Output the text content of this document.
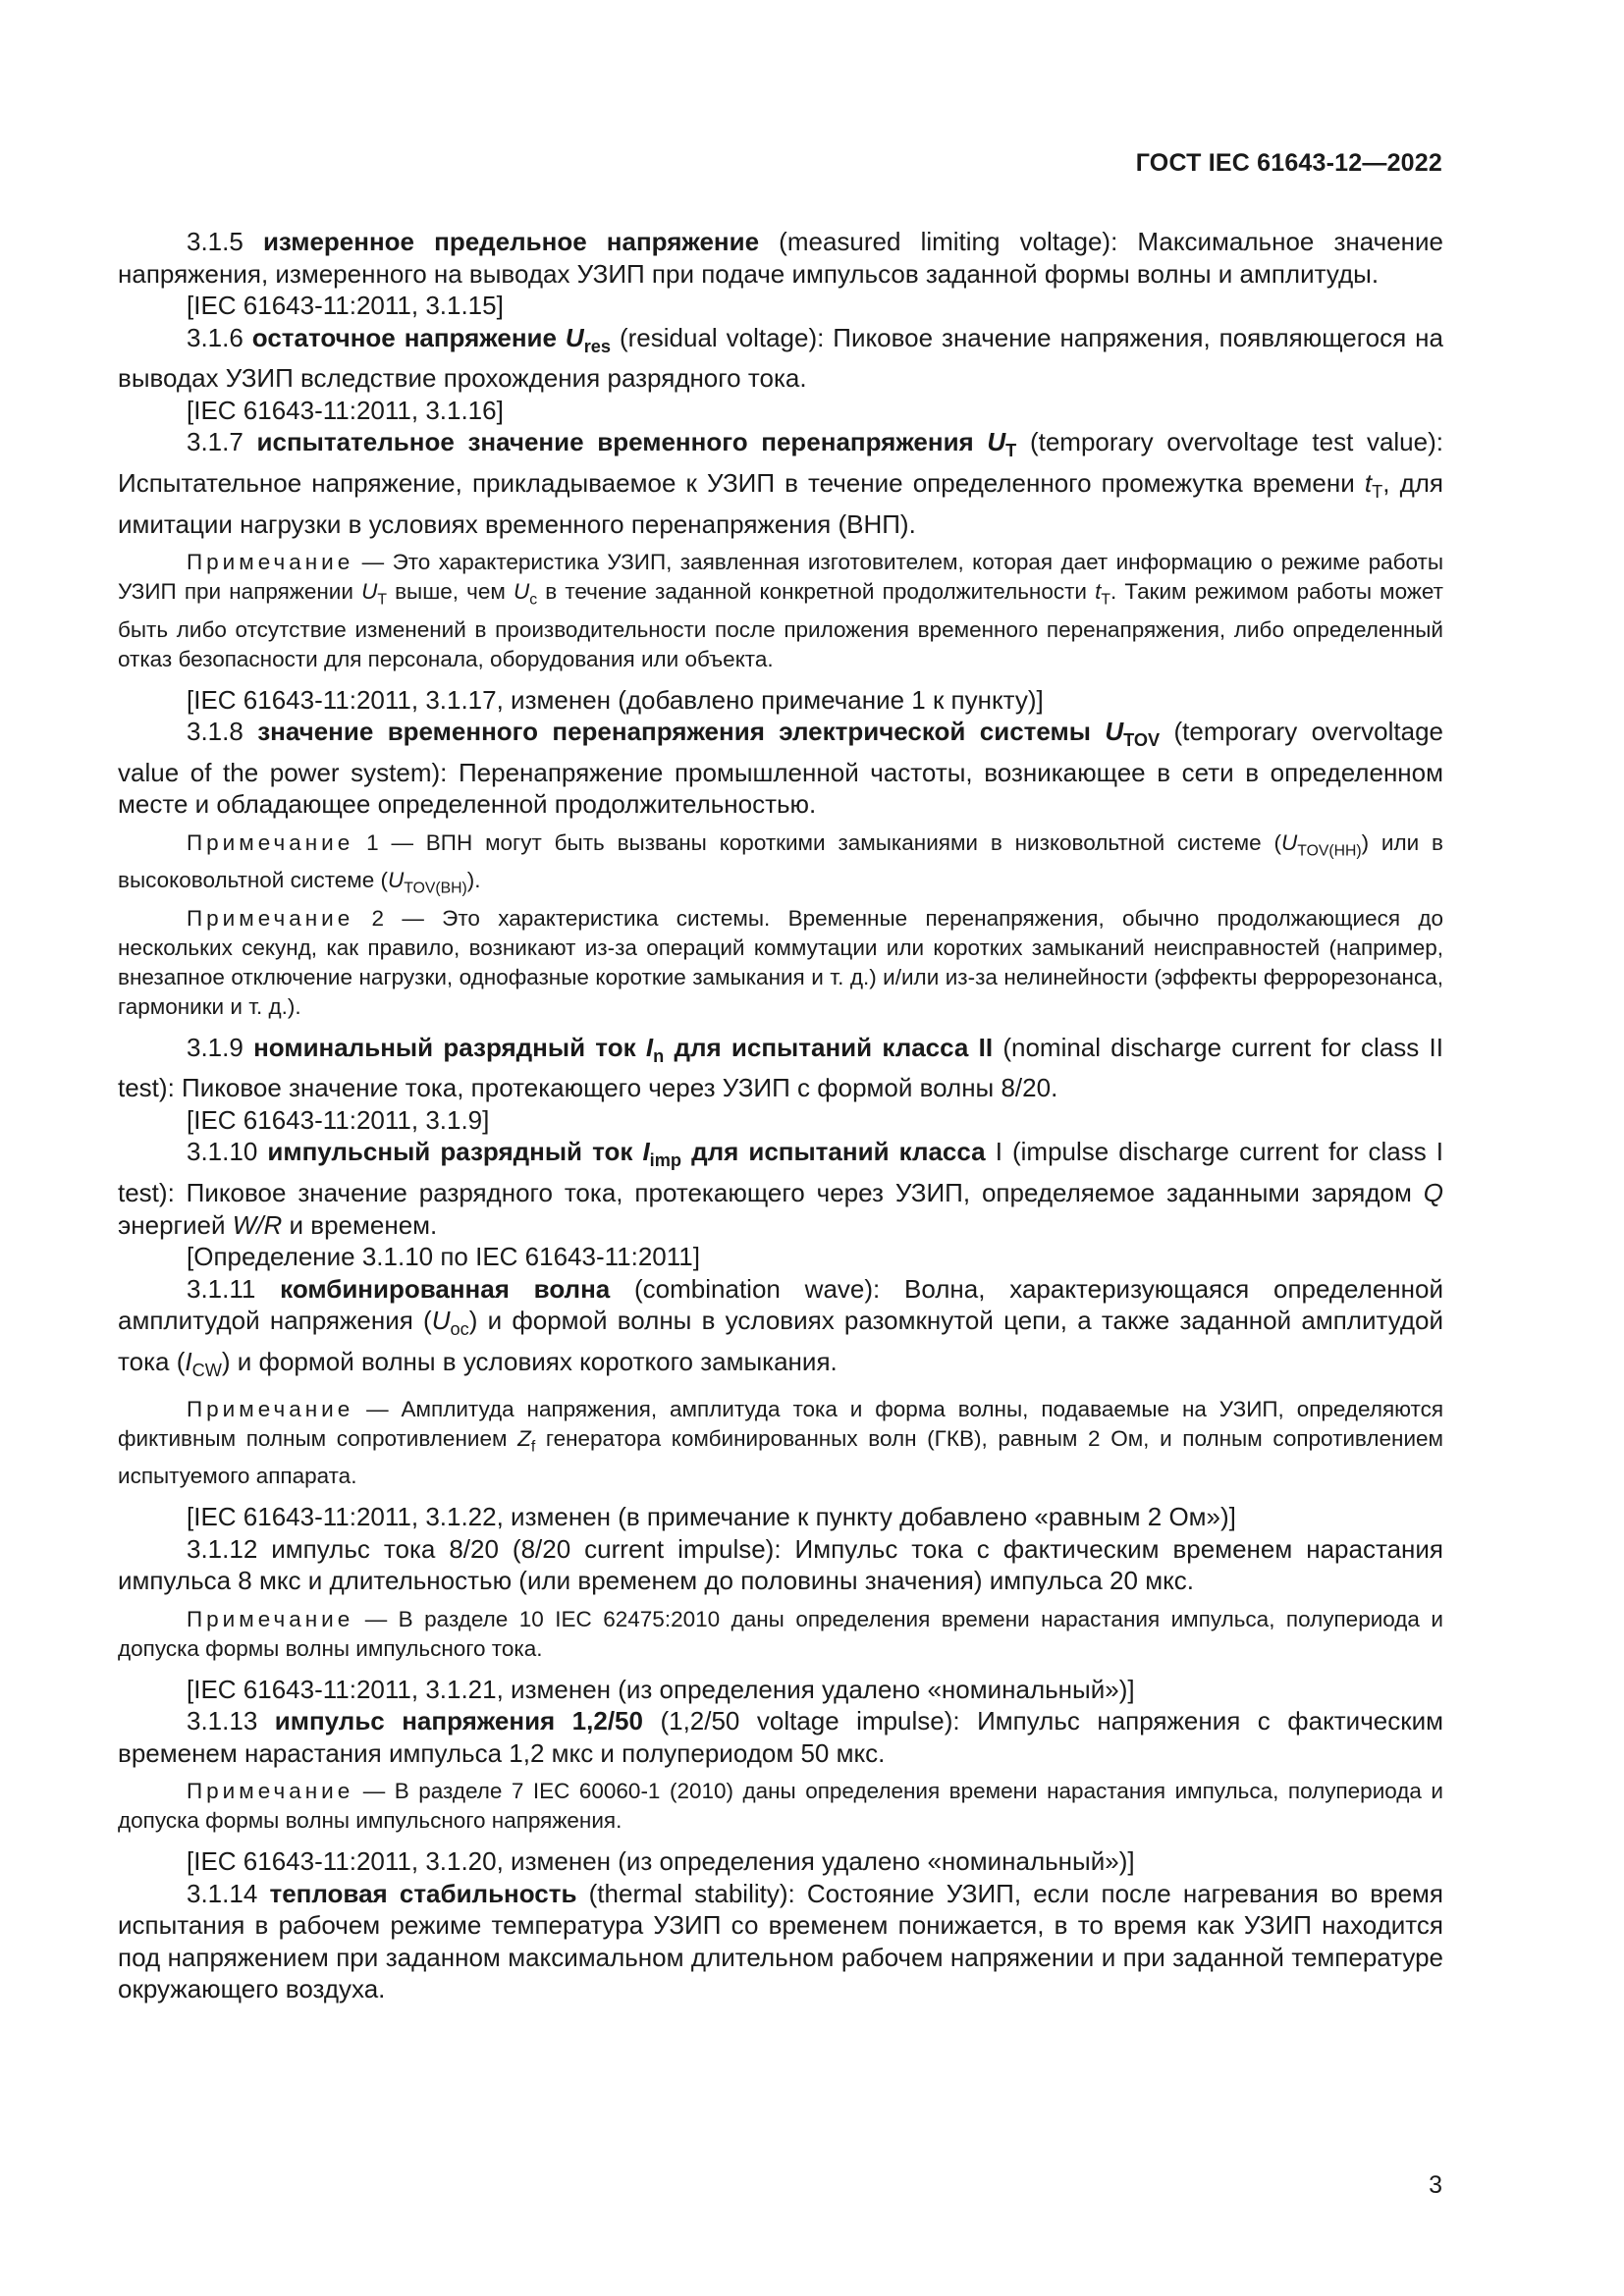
ГОСТ IEC 61643-12—2022

3.1.5 измеренное предельное напряжение (measured limiting voltage): Максимальное значение напряжения, измеренного на выводах УЗИП при подаче импульсов заданной формы волны и амплитуды.

[IEC 61643-11:2011, 3.1.15]

3.1.6 остаточное напряжение $U_{res}$ (residual voltage): Пиковое значение напряжения, появляющегося на выводах УЗИП вследствие прохождения разрядного тока.

[IEC 61643-11:2011, 3.1.16]

3.1.7 испытательное значение временного перенапряжения $U_T$ (temporary overvoltage test value): Испытательное напряжение, прикладываемое к УЗИП в течение определенного промежутка времени $t_T$, для имитации нагрузки в условиях временного перенапряжения (ВНП).

Примечание — Это характеристика УЗИП, заявленная изготовителем, которая дает информацию о режиме работы УЗИП при напряжении $U_T$ выше, чем $U_c$ в течение заданной конкретной продолжительности $t_T$. Таким режимом работы может быть либо отсутствие изменений в производительности после приложения временного перенапряжения, либо определенный отказ безопасности для персонала, оборудования или объекта.

[IEC 61643-11:2011, 3.1.17, изменен (добавлено примечание 1 к пункту)]

3.1.8 значение временного перенапряжения электрической системы $U_{TOV}$ (temporary overvoltage value of the power system): Перенапряжение промышленной частоты, возникающее в сети в определенном месте и обладающее определенной продолжительностью.

Примечание 1 — ВПН могут быть вызваны короткими замыканиями в низковольтной системе $(U_{TOV(НН)})$ или в высоковольтной системе $(U_{TOV(ВН)})$.

Примечание 2 — Это характеристика системы. Временные перенапряжения, обычно продолжающиеся до нескольких секунд, как правило, возникают из-за операций коммутации или коротких замыканий неисправностей (например, внезапное отключение нагрузки, однофазные короткие замыкания и т. д.) и/или из-за нелинейности (эффекты феррорезонанса, гармоники и т. д.).

3.1.9 номинальный разрядный ток $I_n$ для испытаний класса II (nominal discharge current for class II test): Пиковое значение тока, протекающего через УЗИП с формой волны 8/20.

[IEC 61643-11:2011, 3.1.9]

3.1.10 импульсный разрядный ток $I_{imp}$ для испытаний класса I (impulse discharge current for class I test): Пиковое значение разрядного тока, протекающего через УЗИП, определяемое заданными зарядом Q энергией W/R и временем.

[Определение 3.1.10 по IEC 61643-11:2011]

3.1.11 комбинированная волна (combination wave): Волна, характеризующаяся определенной амплитудой напряжения $(U_{oc})$ и формой волны в условиях разомкнутой цепи, а также заданной амплитудой тока $(I_{CW})$ и формой волны в условиях короткого замыкания.

Примечание — Амплитуда напряжения, амплитуда тока и форма волны, подаваемые на УЗИП, определяются фиктивным полным сопротивлением $Z_f$ генератора комбинированных волн (ГКВ), равным 2 Ом, и полным сопротивлением испытуемого аппарата.

[IEC 61643-11:2011, 3.1.22, изменен (в примечание к пункту добавлено «равным 2 Ом»)]

3.1.12 импульс тока 8/20 (8/20 current impulse): Импульс тока с фактическим временем нарастания импульса 8 мкс и длительностью (или временем до половины значения) импульса 20 мкс.

Примечание — В разделе 10 IEC 62475:2010 даны определения времени нарастания импульса, полупериода и допуска формы волны импульсного тока.

[IEC 61643-11:2011, 3.1.21, изменен (из определения удалено «номинальный»)]

3.1.13 импульс напряжения 1,2/50 (1,2/50 voltage impulse): Импульс напряжения с фактическим временем нарастания импульса 1,2 мкс и полупериодом 50 мкс.

Примечание — В разделе 7 IEC 60060-1 (2010) даны определения времени нарастания импульса, полупериода и допуска формы волны импульсного напряжения.

[IEC 61643-11:2011, 3.1.20, изменен (из определения удалено «номинальный»)]

3.1.14 тепловая стабильность (thermal stability): Состояние УЗИП, если после нагревания во время испытания в рабочем режиме температура УЗИП со временем понижается, в то время как УЗИП находится под напряжением при заданном максимальном длительном рабочем напряжении и при заданной температуре окружающего воздуха.

3
